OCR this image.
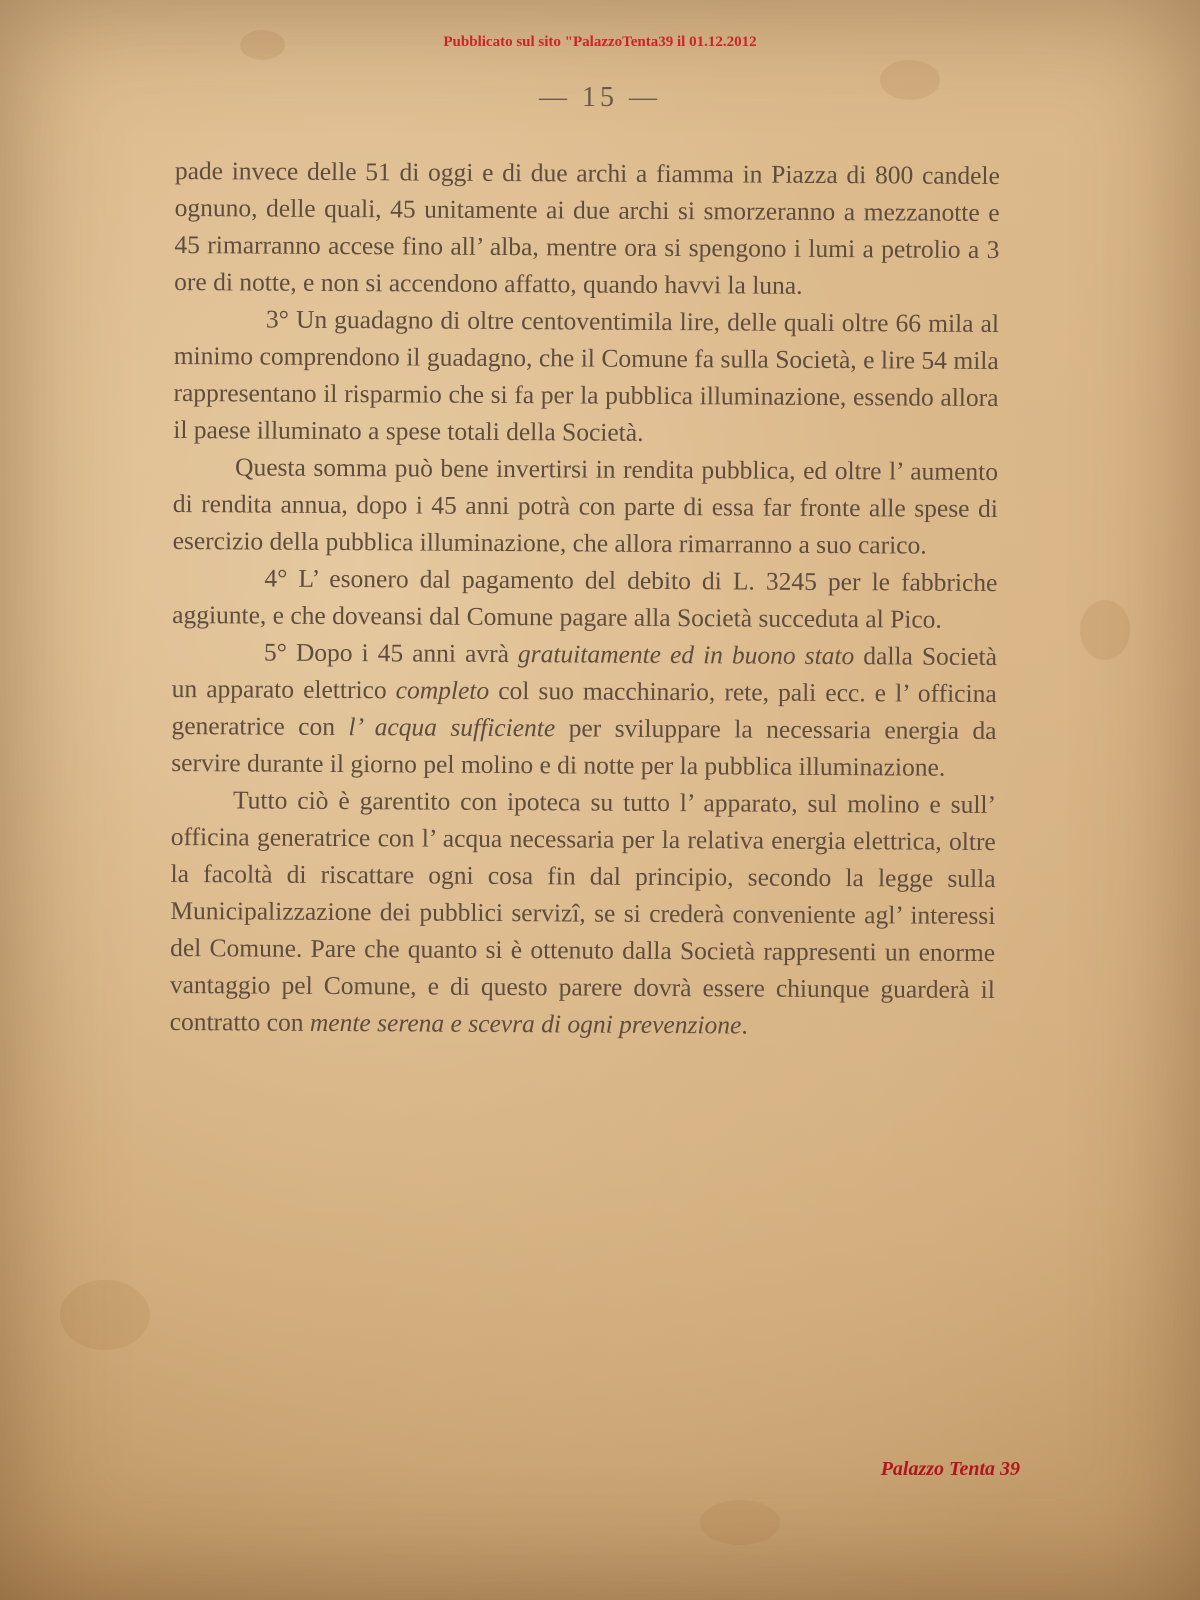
Pubblicato sul sito "PalazzoTenta39 il 01.12.2012
— 15 —

pade invece delle 51 di oggi e di due archi a fiamma in Piazza di 800 candele ognuno, delle quali, 45 unitamente ai due archi si smorzeranno a mezzanotte e 45 rimarranno accese fino all’ alba, mentre ora si spengono i lumi a petrolio a 3 ore di notte, e non si accendono affatto, quando havvi la luna.

3° Un guadagno di oltre centoventimila lire, delle quali oltre 66 mila al minimo comprendono il guadagno, che il Comune fa sulla Società, e lire 54 mila rappresentano il risparmio che si fa per la pubblica illuminazione, essendo allora il paese illuminato a spese totali della Società.

Questa somma può bene invertirsi in rendita pubblica, ed oltre l’ aumento di rendita annua, dopo i 45 anni potrà con parte di essa far fronte alle spese di esercizio della pubblica illuminazione, che allora rimarranno a suo carico.

4° L’ esonero dal pagamento del debito di L. 3245 per le fabbriche aggiunte, e che doveansi dal Comune pagare alla Società succeduta al Pico.

5° Dopo i 45 anni avrà gratuitamente ed in buono stato dalla Società un apparato elettrico completo col suo macchinario, rete, pali ecc. e l’ officina generatrice con l’ acqua sufficiente per sviluppare la necessaria energia da servire durante il giorno pel molino e di notte per la pubblica illuminazione.

Tutto ciò è garentito con ipoteca su tutto l’ apparato, sul molino e sull’ officina generatrice con l’ acqua necessaria per la relativa energia elettrica, oltre la facoltà di riscattare ogni cosa fin dal principio, secondo la legge sulla Municipalizzazione dei pubblici servizî, se si crederà conveniente agl’ interessi del Comune. Pare che quanto si è ottenuto dalla Società rappresenti un enorme vantaggio pel Comune, e di questo parere dovrà essere chiunque guarderà il contratto con mente serena e scevra di ogni prevenzione.

Palazzo Tenta 39
